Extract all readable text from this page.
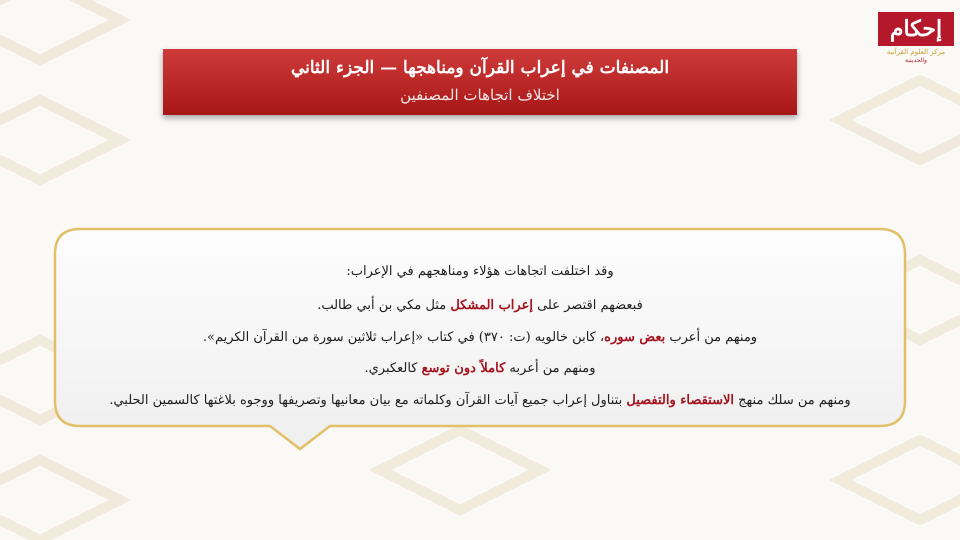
إحكام
مركز العلوم القرآنية
والحديثية
المصنفات في إعراب القرآن ومناهجها — الجزء الثاني
اختلاف اتجاهات المصنفين
وقد اختلفت اتجاهات هؤلاء ومناهجهم في الإعراب:
فبعضهم اقتصر على إعراب المشكل مثل مكي بن أبي طالب.
ومنهم من أعرب بعض سوره، كابن خالويه (ت: ٣٧٠) في كتاب «إعراب ثلاثين سورة من القرآن الكريم».
ومنهم من أعربه كاملاً دون توسع كالعكبري.
ومنهم من سلك منهج الاستقصاء والتفصيل بتناول إعراب جميع آيات القرآن وكلماته مع بيان معانيها وتصريفها ووجوه بلاغتها كالسمين الحلبي.
